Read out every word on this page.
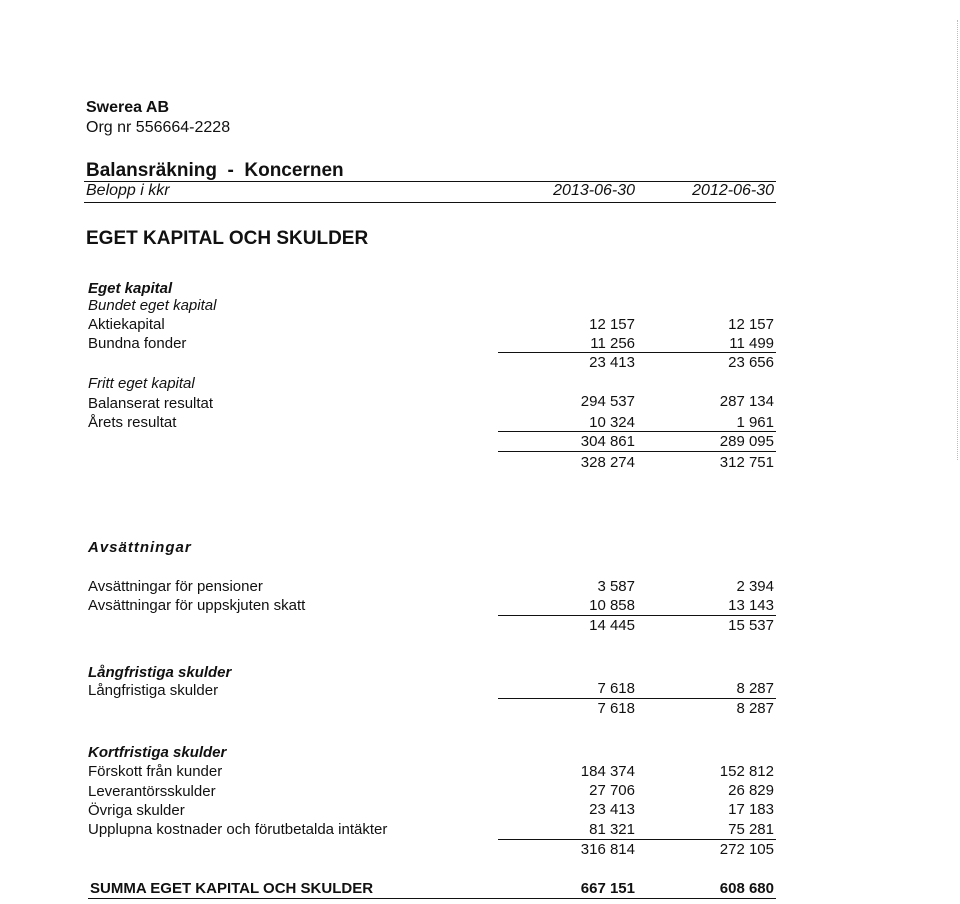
Swerea AB
Org nr 556664-2228
Balansräkning  -  Koncernen
Belopp i kkr	2013-06-30	2012-06-30
EGET KAPITAL OCH SKULDER
Eget kapital
Bundet eget kapital
Aktiekapital	12 157	12 157
Bundna fonder	11 256	11 499
23 413	23 656
Fritt eget kapital
Balanserat resultat	294 537	287 134
Årets resultat	10 324	1 961
304 861	289 095
328 274	312 751
Avsättningar
Avsättningar för pensioner	3 587	2 394
Avsättningar för uppskjuten skatt	10 858	13 143
14 445	15 537
Långfristiga skulder
Långfristiga skulder	7 618	8 287
7 618	8 287
Kortfristiga skulder
Förskott från kunder	184 374	152 812
Leverantörsskulder	27 706	26 829
Övriga skulder	23 413	17 183
Upplupna kostnader och förutbetalda intäkter	81 321	75 281
316 814	272 105
SUMMA EGET KAPITAL OCH SKULDER	667 151	608 680
